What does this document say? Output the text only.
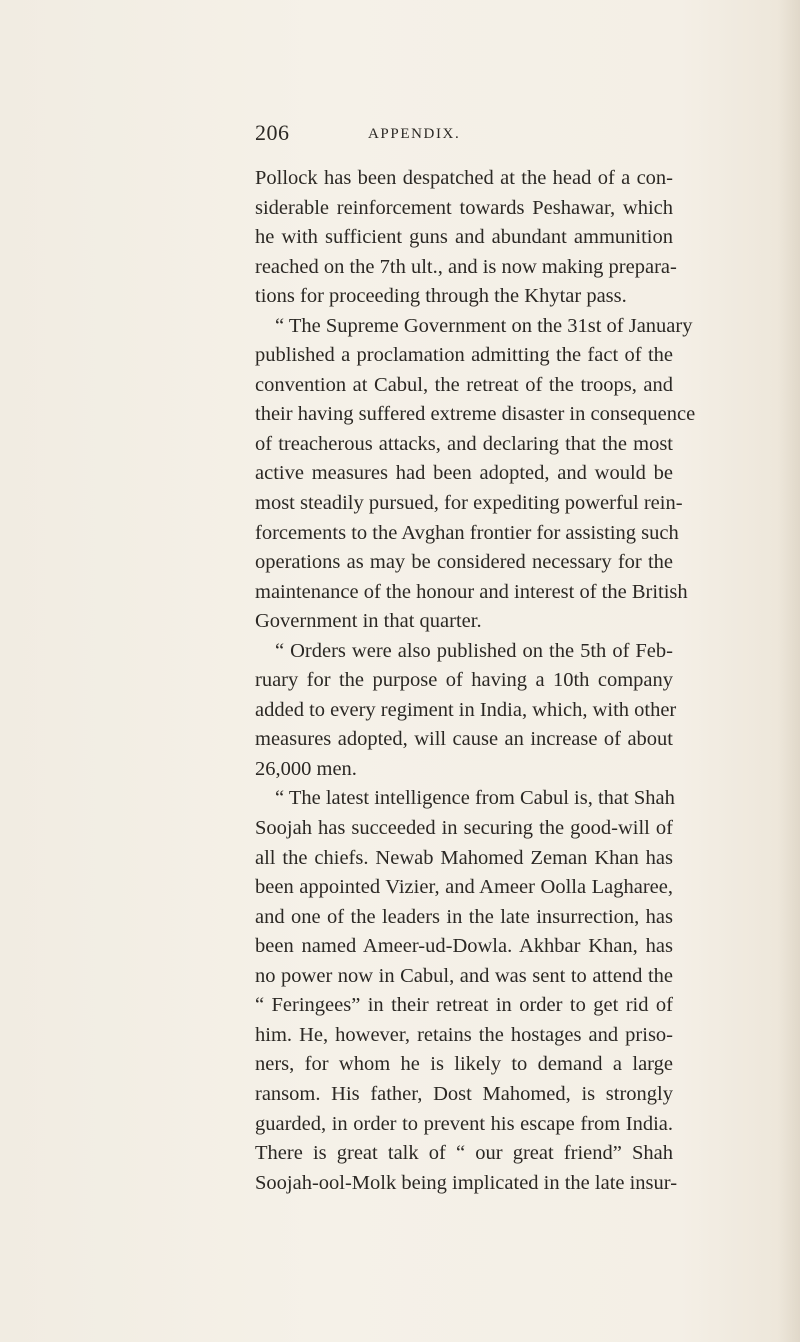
206	APPENDIX.
Pollock has been despatched at the head of a con-
siderable reinforcement towards Peshawar, which
he with sufficient guns and abundant ammunition
reached on the 7th ult., and is now making prepara-
tions for proceeding through the Khytar pass.
“ The Supreme Government on the 31st of January
published a proclamation admitting the fact of the
convention at Cabul, the retreat of the troops, and
their having suffered extreme disaster in consequence
of treacherous attacks, and declaring that the most
active measures had been adopted, and would be
most steadily pursued, for expediting powerful rein-
forcements to the Avghan frontier for assisting such
operations as may be considered necessary for the
maintenance of the honour and interest of the British
Government in that quarter.
“ Orders were also published on the 5th of Feb-
ruary for the purpose of having a 10th company
added to every regiment in India, which, with other
measures adopted, will cause an increase of about
26,000 men.
“ The latest intelligence from Cabul is, that Shah
Soojah has succeeded in securing the good-will of
all the chiefs. Newab Mahomed Zeman Khan has
been appointed Vizier, and Ameer Oolla Lagharee,
and one of the leaders in the late insurrection, has
been named Ameer-ud-Dowla. Akhbar Khan, has
no power now in Cabul, and was sent to attend the
“ Feringees” in their retreat in order to get rid of
him. He, however, retains the hostages and priso-
ners, for whom he is likely to demand a large
ransom. His father, Dost Mahomed, is strongly
guarded, in order to prevent his escape from India.
There is great talk of “ our great friend” Shah
Soojah-ool-Molk being implicated in the late insur-
